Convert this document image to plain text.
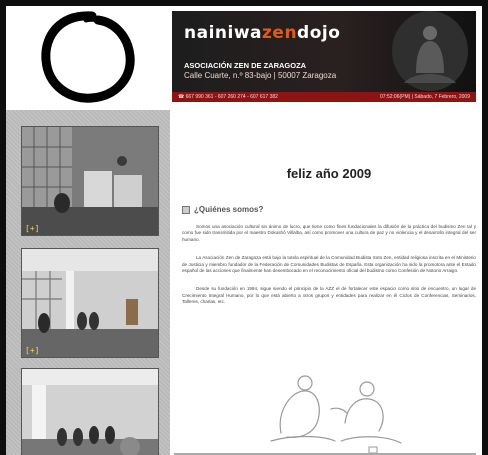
nainiwazendojo
ASOCIACIÓN ZEN DE ZARAGOZA
Calle Cuarte, n.º 83-bajo | 50007 Zaragoza
☎ 667 990 361 - 607 260 274 - 607 617 382	07:52:06(PM) | Sábado, 7 Febrero, 2009
[+]
[+]
feliz año 2009
¿Quiénes somos?

Somos una asociación cultural sin ánimo de lucro, que tiene como fines fundacionales la difusión de la práctica del budismo Zen tal y como fue sido transmitida por el maestro Dokushô Villalba, así como promover una cultura de paz y no violencia y el desarrollo integral del ser humano.

La Asociación Zen de Zaragoza está bajo la tutela espiritual de la Comunidad Budista Soto Zen, entidad religiosa inscrita en el Ministerio de Justicia y miembro fundador de la Federación de Comunidades Budistas de España. Esta organización ha sido la promotora ante el Estado español de las acciones que finalmente han desembocado en el reconocimiento oficial del budismo como Confesión de Notorio Arraigo.

Desde su fundación en 1994, sigue siendo el principio de la AZZ el de fortalecer este espacio como sitio de encuentro, un lugar de Crecimiento Integral Humano, por lo que está abierto a otros grupos y entidades para realizar en él Ciclos de Conferencias, Seminarios, Talleres, charlas, etc.
